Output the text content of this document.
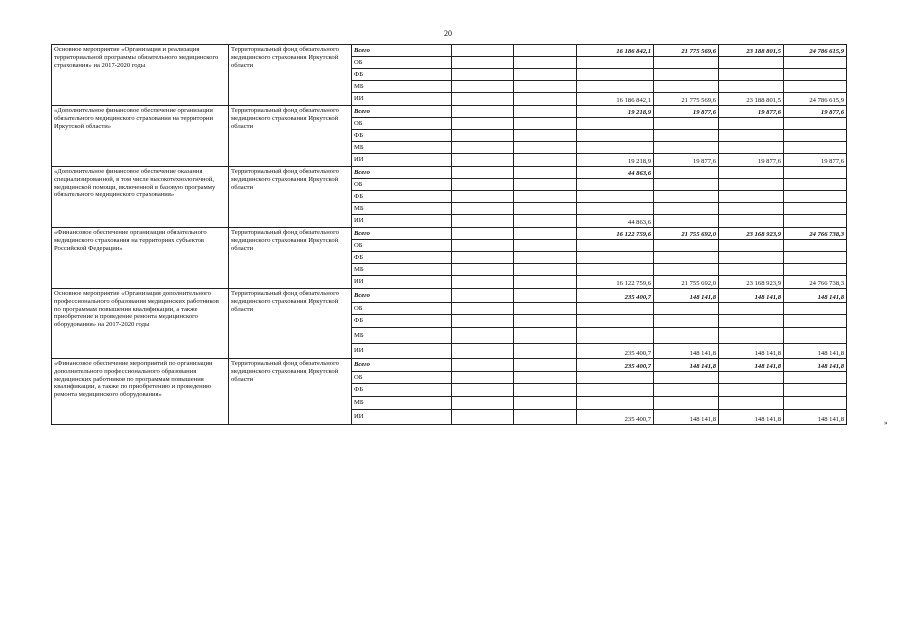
20
Основное мероприятие «Организация и реализация территориальной программы обязательного медицинского страхования» на 2017-2020 годы	Территориальный фонд обязательного медицинского страхования Иркутской области	Всего			16 186 842,1	21 775 569,6	23 188 801,5	24 786 615,9
		ОБ						
		ФБ						
		МБ						
		ИИ			16 186 842,1	21 775 569,6	23 188 801,5	24 786 615,9
«Дополнительное финансовое обеспечение организации обязательного медицинского страхования на территории Иркутской области»	Территориальный фонд обязательного медицинского страхования Иркутской области	Всего			19 218,9	19 877,6	19 877,6	19 877,6
		ОБ						
		ФБ						
		МБ						
		ИИ			19 218,9	19 877,6	19 877,6	19 877,6
«Дополнительное финансовое обеспечение оказания специализированной, в том числе высокотехнологичной, медицинской помощи, включенной в базовую программу обязательного медицинского страхования»	Территориальный фонд обязательного медицинского страхования Иркутской области	Всего			44 863,6			
		ОБ						
		ФБ						
		МБ						
		ИИ			44 863,6			
«Финансовое обеспечение организации обязательного медицинского страхования на территориях субъектов Российской Федерации»	Территориальный фонд обязательного медицинского страхования Иркутской области	Всего			16 122 759,6	21 755 692,0	23 168 923,9	24 766 738,3
		ОБ						
		ФБ						
		МБ						
		ИИ			16 122 759,6	21 755 692,0	23 168 923,9	24 766 738,3
Основное мероприятие «Организация дополнительного профессионального образования медицинских работников по программам повышения квалификации, а также приобретение и проведение ремонта медицинского оборудования» на 2017-2020 годы	Территориальный фонд обязательного медицинского страхования Иркутской области	Всего			235 400,7	148 141,8	148 141,8	148 141,8
		ОБ						
		ФБ						
		МБ						
		ИИ			235 400,7	148 141,8	148 141,8	148 141,8
«Финансовое обеспечение мероприятий по организации дополнительного профессионального образования медицинских работников по программам повышения квалификации, а также по приобретению и проведению ремонта медицинского оборудования»	Территориальный фонд обязательного медицинского страхования Иркутской области	Всего			235 400,7	148 141,8	148 141,8	148 141,8
		ОБ						
		ФБ						
		МБ						
		ИИ			235 400,7	148 141,8	148 141,8	148 141,8	»
